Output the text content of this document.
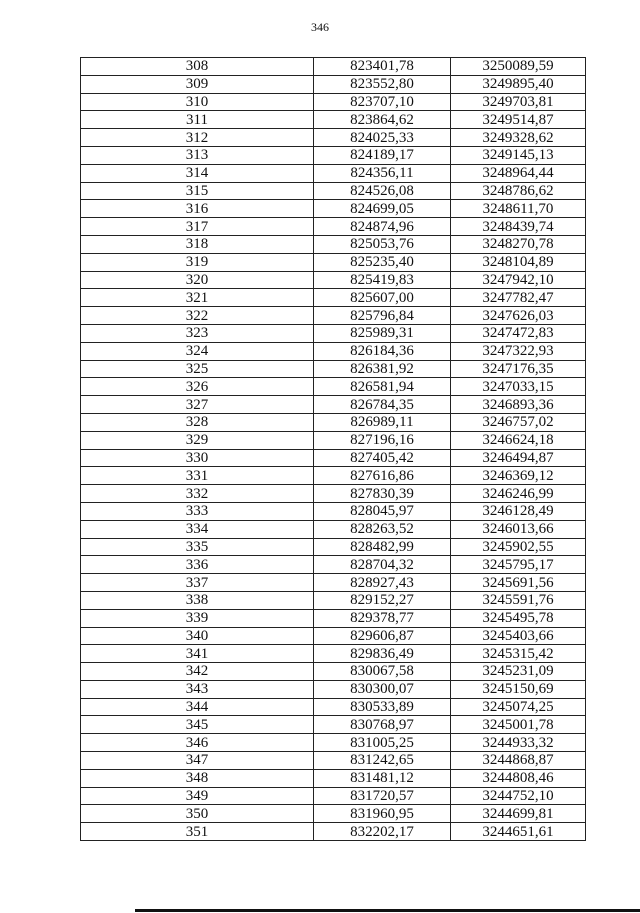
346
308	823401,78	3250089,59
309	823552,80	3249895,40
310	823707,10	3249703,81
311	823864,62	3249514,87
312	824025,33	3249328,62
313	824189,17	3249145,13
314	824356,11	3248964,44
315	824526,08	3248786,62
316	824699,05	3248611,70
317	824874,96	3248439,74
318	825053,76	3248270,78
319	825235,40	3248104,89
320	825419,83	3247942,10
321	825607,00	3247782,47
322	825796,84	3247626,03
323	825989,31	3247472,83
324	826184,36	3247322,93
325	826381,92	3247176,35
326	826581,94	3247033,15
327	826784,35	3246893,36
328	826989,11	3246757,02
329	827196,16	3246624,18
330	827405,42	3246494,87
331	827616,86	3246369,12
332	827830,39	3246246,99
333	828045,97	3246128,49
334	828263,52	3246013,66
335	828482,99	3245902,55
336	828704,32	3245795,17
337	828927,43	3245691,56
338	829152,27	3245591,76
339	829378,77	3245495,78
340	829606,87	3245403,66
341	829836,49	3245315,42
342	830067,58	3245231,09
343	830300,07	3245150,69
344	830533,89	3245074,25
345	830768,97	3245001,78
346	831005,25	3244933,32
347	831242,65	3244868,87
348	831481,12	3244808,46
349	831720,57	3244752,10
350	831960,95	3244699,81
351	832202,17	3244651,61
